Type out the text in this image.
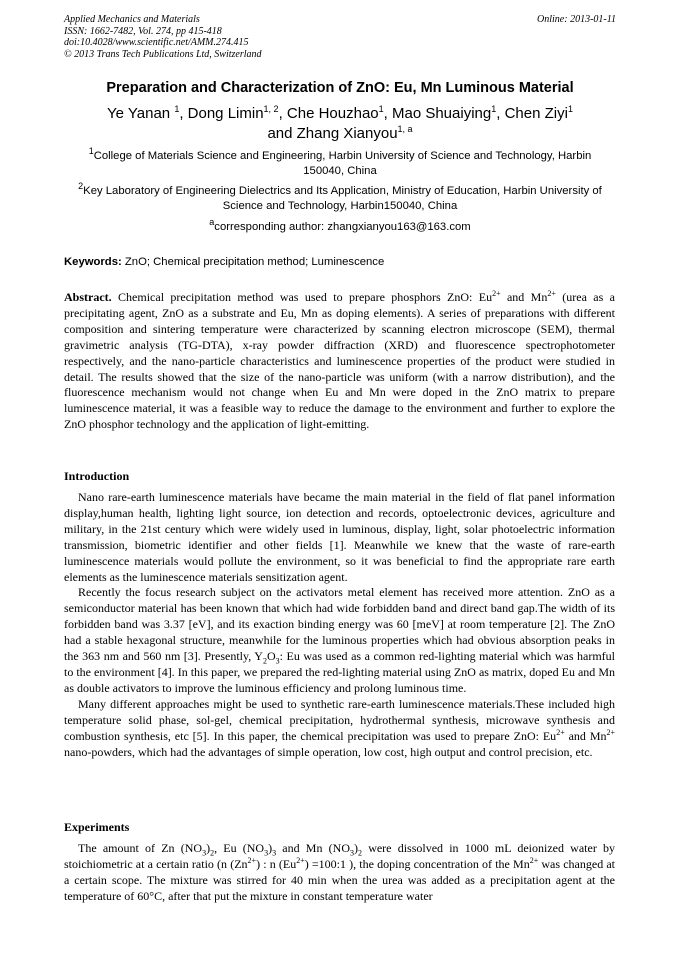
Applied Mechanics and Materials
ISSN: 1662-7482, Vol. 274, pp 415-418
doi:10.4028/www.scientific.net/AMM.274.415
© 2013 Trans Tech Publications Ltd, Switzerland
Online: 2013-01-11
Preparation and Characterization of ZnO: Eu, Mn Luminous Material
Ye Yanan $^1$, Dong Limin$^{1, 2}$, Che Houzhao$^1$, Mao Shuaiying$^1$, Chen Ziyi$^1$
and Zhang Xianyou$^{1, a}$
$^1$College of Materials Science and Engineering, Harbin University of Science and Technology, Harbin 150040, China
$^2$Key Laboratory of Engineering Dielectrics and Its Application, Ministry of Education, Harbin University of Science and Technology, Harbin150040, China
$^a$corresponding author: zhangxianyou163@163.com
Keywords: ZnO; Chemical precipitation method; Luminescence

Abstract. Chemical precipitation method was used to prepare phosphors ZnO: $Eu^{2+}$ and $Mn^{2+}$ (urea as a precipitating agent, ZnO as a substrate and Eu, Mn as doping elements). A series of preparations with different composition and sintering temperature were characterized by scanning electron microscope (SEM), thermal gravimetric analysis (TG-DTA), x-ray powder diffraction (XRD) and fluorescence spectrophotometer respectively, and the nano-particle characteristics and luminescence properties of the product were studied in detail. The results showed that the size of the nano-particle was uniform (with a narrow distribution), and the fluorescence mechanism would not change when Eu and Mn were doped in the ZnO matrix to prepare luminescence material, it was a feasible way to reduce the damage to the environment and further to explore the ZnO phosphor technology and the application of light-emitting.

Introduction

Nano rare-earth luminescence materials have became the main material in the field of flat panel information display,human health, lighting light source, ion detection and records, optoelectronic devices, agriculture and military, in the 21st century which were widely used in luminous, display, light, solar photoelectric information transmission, biometric identifier and other fields [1]. Meanwhile we knew that the waste of rare-earth luminescence materials would pollute the environment, so it was beneficial to find the appropriate rare earth elements as the luminescence materials sensitization agent.

Recently the focus research subject on the activators metal element has received more attention. ZnO as a semiconductor material has been known that which had wide forbidden band and direct band gap.The width of its forbidden band was 3.37 [eV], and its exaction binding energy was 60 [meV] at room temperature [2]. The ZnO had a stable hexagonal structure, meanwhile for the luminous properties which had obvious absorption peaks in the 363 nm and 560 nm [3]. Presently, $Y_2O_3$: Eu was used as a common red-lighting material which was harmful to the environment [4]. In this paper, we prepared the red-lighting material using ZnO as matrix, doped Eu and Mn as double activators to improve the luminous efficiency and prolong luminous time.

Many different approaches might be used to synthetic rare-earth luminescence materials.These included high temperature solid phase, sol-gel, chemical precipitation, hydrothermal synthesis, microwave synthesis and combustion synthesis, etc [5]. In this paper, the chemical precipitation was used to prepare ZnO: $Eu^{2+}$ and $Mn^{2+}$ nano-powders, which had the advantages of simple operation, low cost, high output and control precision, etc.

Experiments

The amount of Zn $(NO_3)_2$, Eu $(NO_3)_3$ and Mn $(NO_3)_2$ were dissolved in 1000 mL deionized water by stoichiometric at a certain ratio (n $(Zn^{2+})$ : n $(Eu^{2+})$ =100:1 ), the doping concentration of the $Mn^{2+}$ was changed at a certain scope. The mixture was stirred for 40 min when the urea was added as a precipitation agent at the temperature of 60°C, after that put the mixture in constant temperature water
